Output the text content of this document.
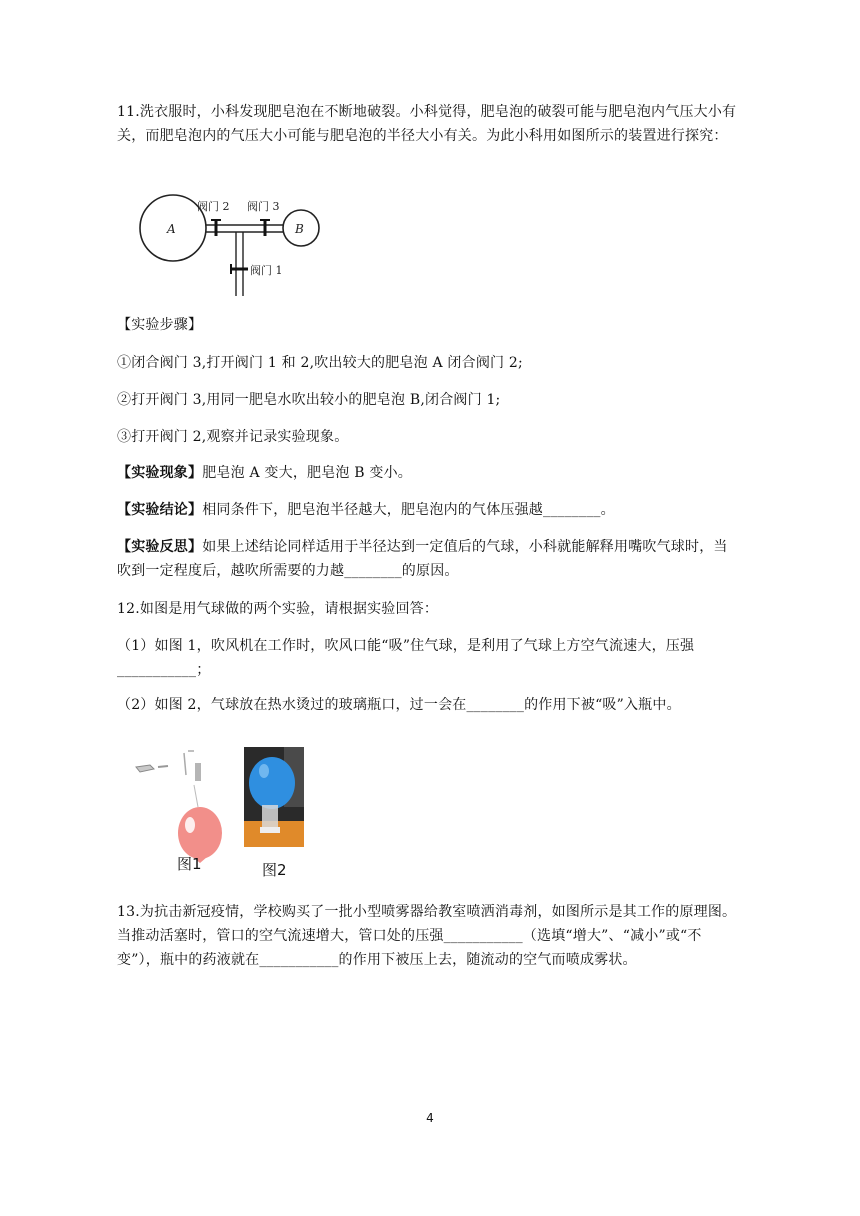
11.洗衣服时，小科发现肥皂泡在不断地破裂。小科觉得，肥皂泡的破裂可能与肥皂泡内气压大小有关，而肥皂泡内的气压大小可能与肥皂泡的半径大小有关。为此小科用如图所示的装置进行探究：

A	B
阀门 2 阀门 3
阀门 1

【实验步骤】

①闭合阀门 3,打开阀门 1 和 2,吹出较大的肥皂泡 A 闭合阀门 2;

②打开阀门 3,用同一肥皂水吹出较小的肥皂泡 B,闭合阀门 1;

③打开阀门 2,观察并记录实验现象。

【实验现象】肥皂泡 A 变大，肥皂泡 B 变小。

【实验结论】相同条件下，肥皂泡半径越大，肥皂泡内的气体压强越________。

【实验反思】如果上述结论同样适用于半径达到一定值后的气球，小科就能解释用嘴吹气球时，当吹到一定程度后，越吹所需要的力越________的原因。

12.如图是用气球做的两个实验，请根据实验回答：

（1）如图 1，吹风机在工作时，吹风口能“吸”住气球，是利用了气球上方空气流速大，压强___________；

（2）如图 2，气球放在热水烫过的玻璃瓶口，过一会在________的作用下被“吸”入瓶中。

图1	图2

13.为抗击新冠疫情，学校购买了一批小型喷雾器给教室喷洒消毒剂，如图所示是其工作的原理图。当推动活塞时，管口的空气流速增大，管口处的压强___________（选填“增大”、“减小”或“不变”），瓶中的药液就在___________的作用下被压上去，随流动的空气而喷成雾状。

4
